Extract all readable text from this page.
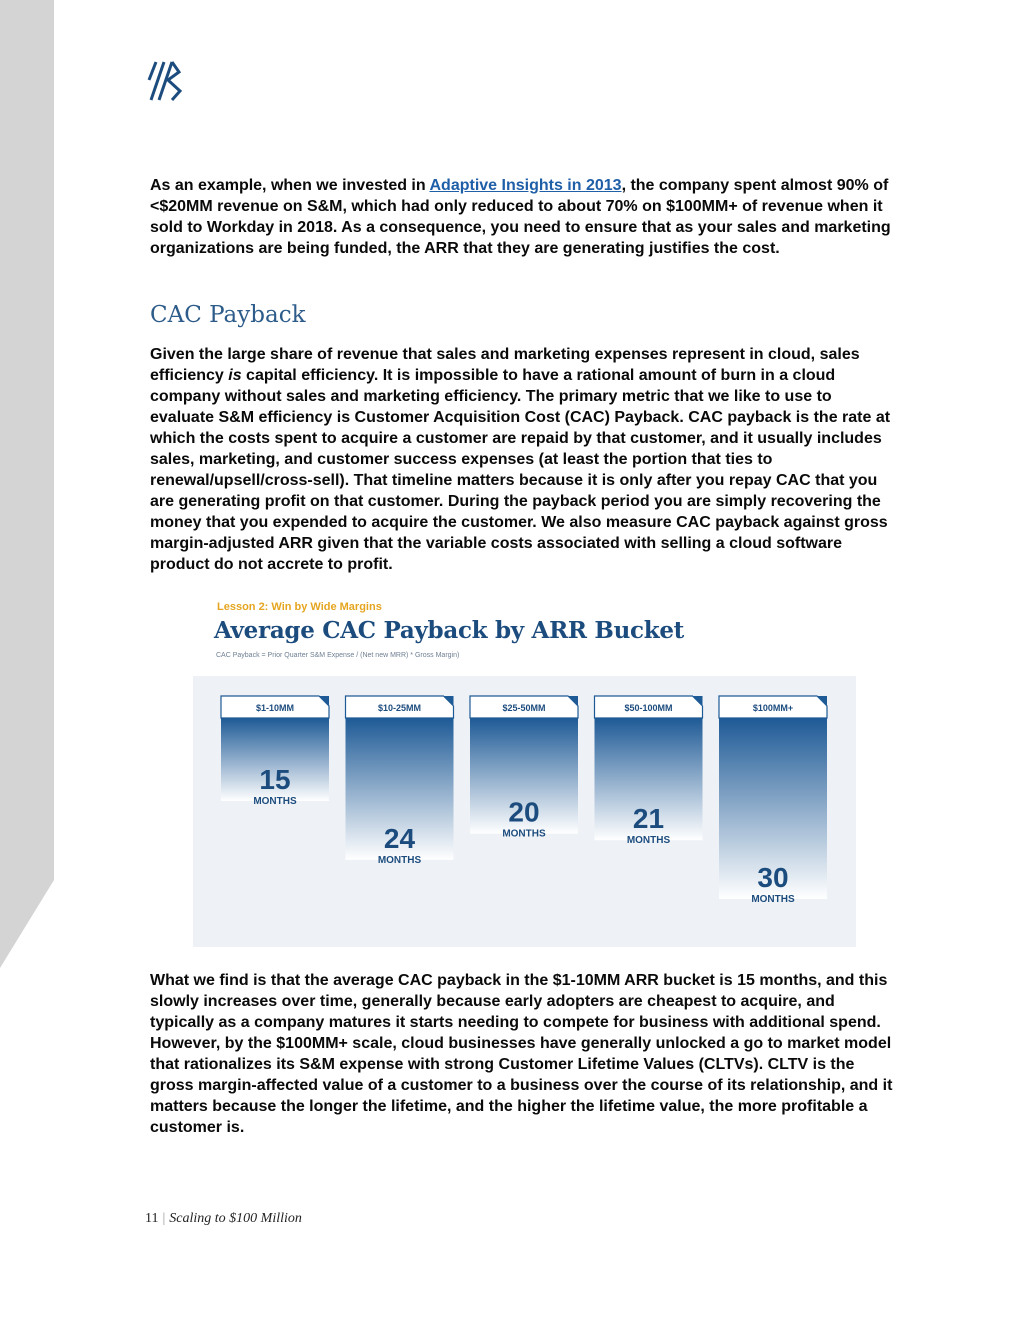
As an example, when we invested in Adaptive Insights in 2013, the company spent almost 90% of <$20MM revenue on S&M, which had only reduced to about 70% on $100MM+ of revenue when it sold to Workday in 2018. As a consequence, you need to ensure that as your sales and marketing organizations are being funded, the ARR that they are generating justifies the cost.

CAC Payback

Given the large share of revenue that sales and marketing expenses represent in cloud, sales efficiency is capital efficiency. It is impossible to have a rational amount of burn in a cloud company without sales and marketing efficiency. The primary metric that we like to use to evaluate S&M efficiency is Customer Acquisition Cost (CAC) Payback. CAC payback is the rate at which the costs spent to acquire a customer are repaid by that customer, and it usually includes sales, marketing, and customer success expenses (at least the portion that ties to renewal/upsell/cross-sell). That timeline matters because it is only after you repay CAC that you are generating profit on that customer. During the payback period you are simply recovering the money that you expended to acquire the customer. We also measure CAC payback against gross margin-adjusted ARR given that the variable costs associated with selling a cloud software product do not accrete to profit.

Lesson 2: Win by Wide Margins
Average CAC Payback by ARR Bucket
CAC Payback = Prior Quarter S&M Expense / (Net new MRR) * Gross Margin)
$1-10MM
15
MONTHS
$10-25MM
24
MONTHS
$25-50MM
20
MONTHS
$50-100MM
21
MONTHS
$100MM+
30
MONTHS

What we find is that the average CAC payback in the $1-10MM ARR bucket is 15 months, and this slowly increases over time, generally because early adopters are cheapest to acquire, and typically as a company matures it starts needing to compete for business with additional spend. However, by the $100MM+ scale, cloud businesses have generally unlocked a go to market model that rationalizes its S&M expense with strong Customer Lifetime Values (CLTVs). CLTV is the gross margin-affected value of a customer to a business over the course of its relationship, and it matters because the longer the lifetime, and the higher the lifetime value, the more profitable a customer is.

11 | Scaling to $100 Million
